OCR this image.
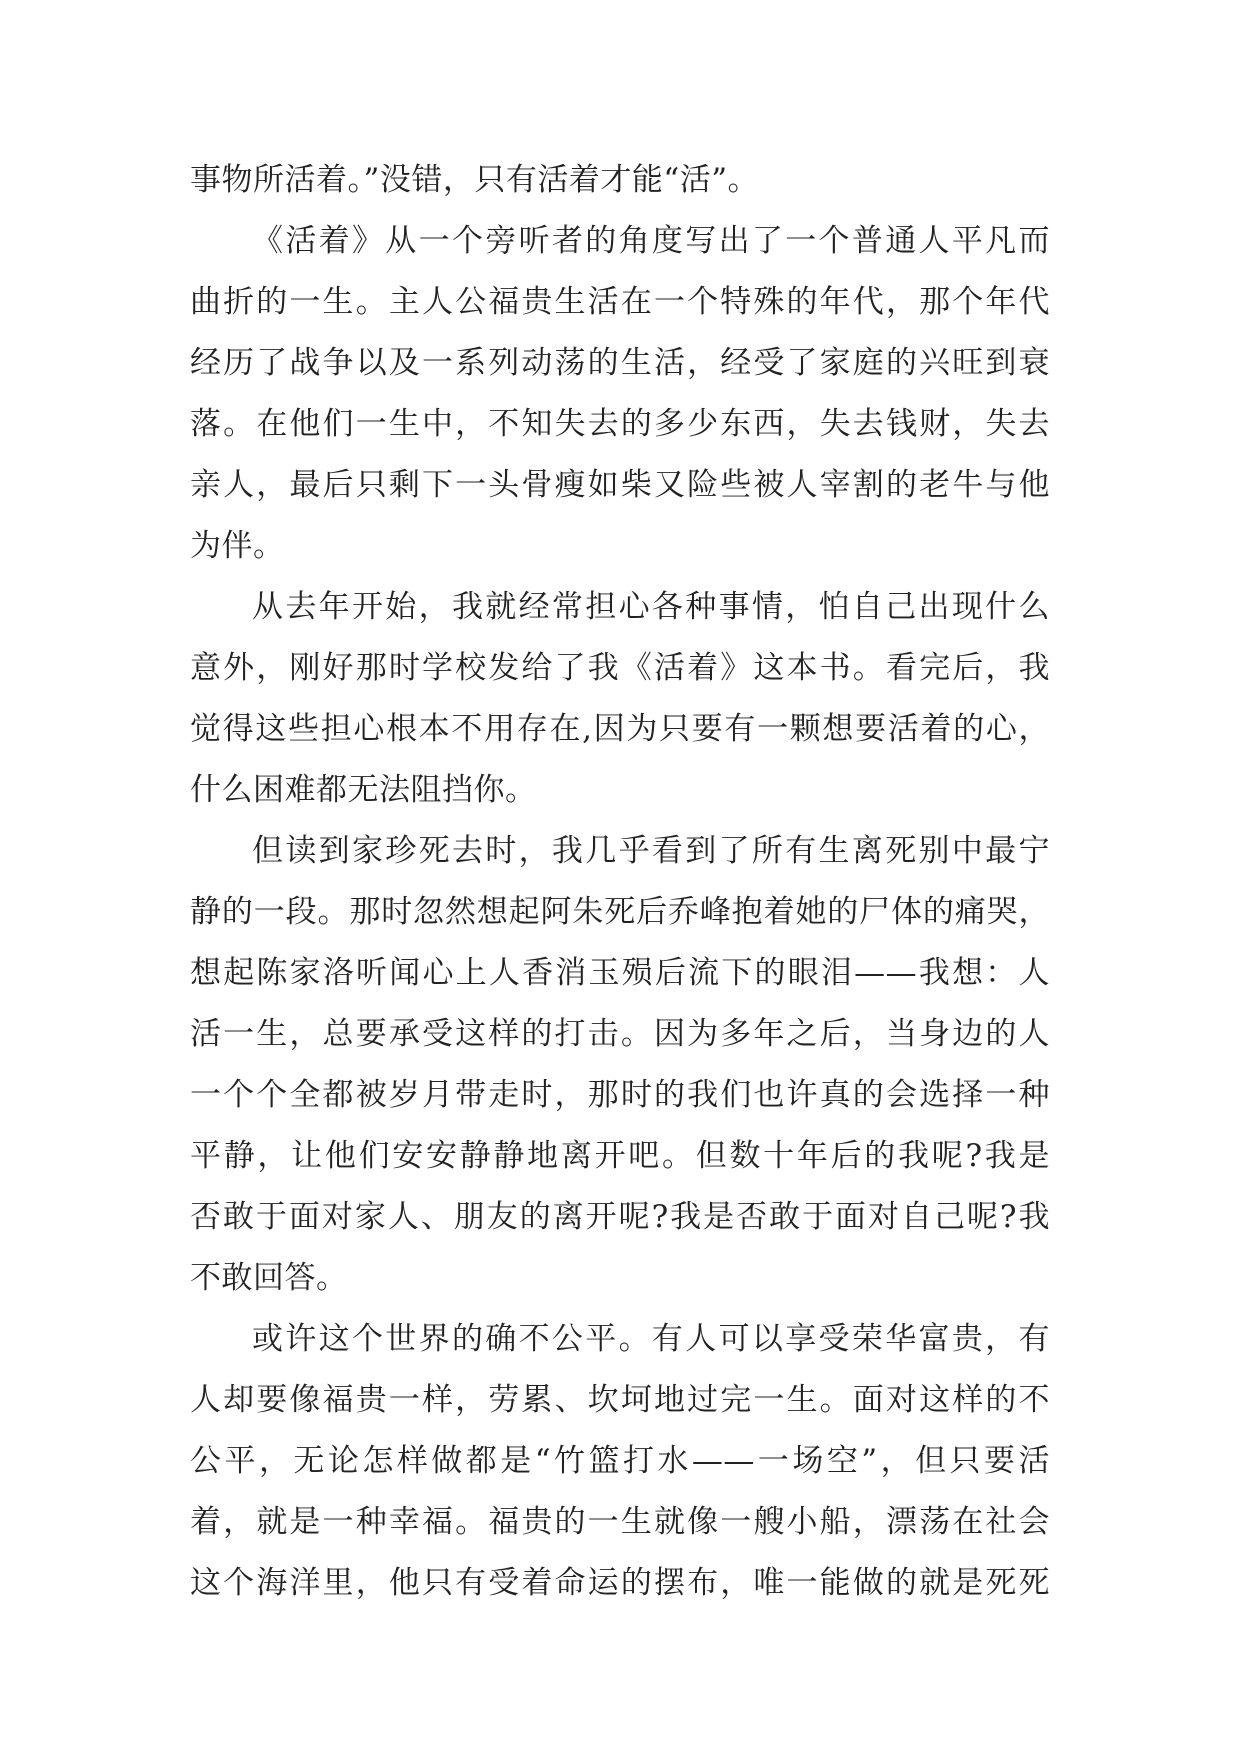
事物所活着。”没错，只有活着才能“活”。
《活着》从一个旁听者的角度写出了一个普通人平凡而
曲折的一生。主人公福贵生活在一个特殊的年代，那个年代
经历了战争以及一系列动荡的生活，经受了家庭的兴旺到衰
落。在他们一生中，不知失去的多少东西，失去钱财，失去
亲人，最后只剩下一头骨瘦如柴又险些被人宰割的老牛与他
为伴。
从去年开始，我就经常担心各种事情，怕自己出现什么
意外，刚好那时学校发给了我《活着》这本书。看完后，我
觉得这些担心根本不用存在,因为只要有一颗想要活着的心，
什么困难都无法阻挡你。
但读到家珍死去时，我几乎看到了所有生离死别中最宁
静的一段。那时忽然想起阿朱死后乔峰抱着她的尸体的痛哭，
想起陈家洛听闻心上人香消玉殒后流下的眼泪——我想：人
活一生，总要承受这样的打击。因为多年之后，当身边的人
一个个全都被岁月带走时，那时的我们也许真的会选择一种
平静，让他们安安静静地离开吧。但数十年后的我呢?我是
否敢于面对家人、朋友的离开呢?我是否敢于面对自己呢?我
不敢回答。
或许这个世界的确不公平。有人可以享受荣华富贵，有
人却要像福贵一样，劳累、坎坷地过完一生。面对这样的不
公平，无论怎样做都是“竹篮打水——一场空”，但只要活
着，就是一种幸福。福贵的一生就像一艘小船，漂荡在社会
这个海洋里，他只有受着命运的摆布，唯一能做的就是死死
